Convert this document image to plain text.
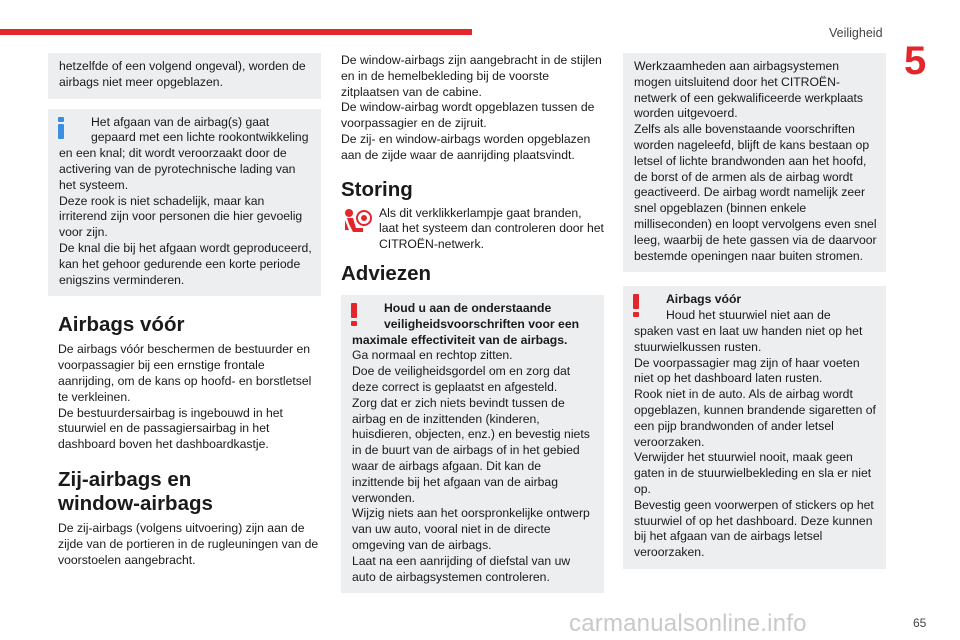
Veiligheid
5

hetzelfde of een volgend ongeval), worden de airbags niet meer opgeblazen.

Het afgaan van de airbag(s) gaat gepaard met een lichte rookontwikkeling

en een knal; dit wordt veroorzaakt door de activering van de pyrotechnische lading van het systeem.

Deze rook is niet schadelijk, maar kan irriterend zijn voor personen die hier gevoelig voor zijn.

De knal die bij het afgaan wordt geproduceerd, kan het gehoor gedurende een korte periode enigszins verminderen.

Airbags vóór

De airbags vóór beschermen de bestuurder en voorpassagier bij een ernstige frontale aanrijding, om de kans op hoofd- en borstletsel te verkleinen.

De bestuurdersairbag is ingebouwd in het stuurwiel en de passagiersairbag in het dashboard boven het dashboardkastje.

Zij-airbags en
window-airbags

De zij-airbags (volgens uitvoering) zijn aan de zijde van de portieren in de rugleuningen van de voorstoelen aangebracht.

De window-airbags zijn aangebracht in de stijlen en in de hemelbekleding bij de voorste zitplaatsen van de cabine.

De window-airbag wordt opgeblazen tussen de voorpassagier en de zijruit.

De zij- en window-airbags worden opgeblazen aan de zijde waar de aanrijding plaatsvindt.

Storing

Als dit verklikkerlampje gaat branden, laat het systeem dan controleren door het CITROËN-netwerk.

Adviezen

Houd u aan de onderstaande veiligheidsvoorschriften voor een

maximale effectiviteit van de airbags.

Ga normaal en rechtop zitten.

Doe de veiligheidsgordel om en zorg dat deze correct is geplaatst en afgesteld.

Zorg dat er zich niets bevindt tussen de airbag en de inzittenden (kinderen, huisdieren, objecten, enz.) en bevestig niets in de buurt van de airbags of in het gebied waar de airbags afgaan. Dit kan de inzittende bij het afgaan van de airbag verwonden.

Wijzig niets aan het oorspronkelijke ontwerp van uw auto, vooral niet in de directe omgeving van de airbags.

Laat na een aanrijding of diefstal van uw auto de airbagsystemen controleren.

Werkzaamheden aan airbagsystemen mogen uitsluitend door het CITROËN-netwerk of een gekwalificeerde werkplaats worden uitgevoerd.

Zelfs als alle bovenstaande voorschriften worden nageleefd, blijft de kans bestaan op letsel of lichte brandwonden aan het hoofd, de borst of de armen als de airbag wordt geactiveerd. De airbag wordt namelijk zeer snel opgeblazen (binnen enkele milliseconden) en loopt vervolgens even snel leeg, waarbij de hete gassen via de daarvoor bestemde openingen naar buiten stromen.

Airbags vóór

Houd het stuurwiel niet aan de

spaken vast en laat uw handen niet op het stuurwielkussen rusten.

De voorpassagier mag zijn of haar voeten niet op het dashboard laten rusten.

Rook niet in de auto. Als de airbag wordt opgeblazen, kunnen brandende sigaretten of een pijp brandwonden of ander letsel veroorzaken.

Verwijder het stuurwiel nooit, maak geen gaten in de stuurwielbekleding en sla er niet op.

Bevestig geen voorwerpen of stickers op het stuurwiel of op het dashboard. Deze kunnen bij het afgaan van de airbags letsel veroorzaken.

carmanualsonline.info	65
